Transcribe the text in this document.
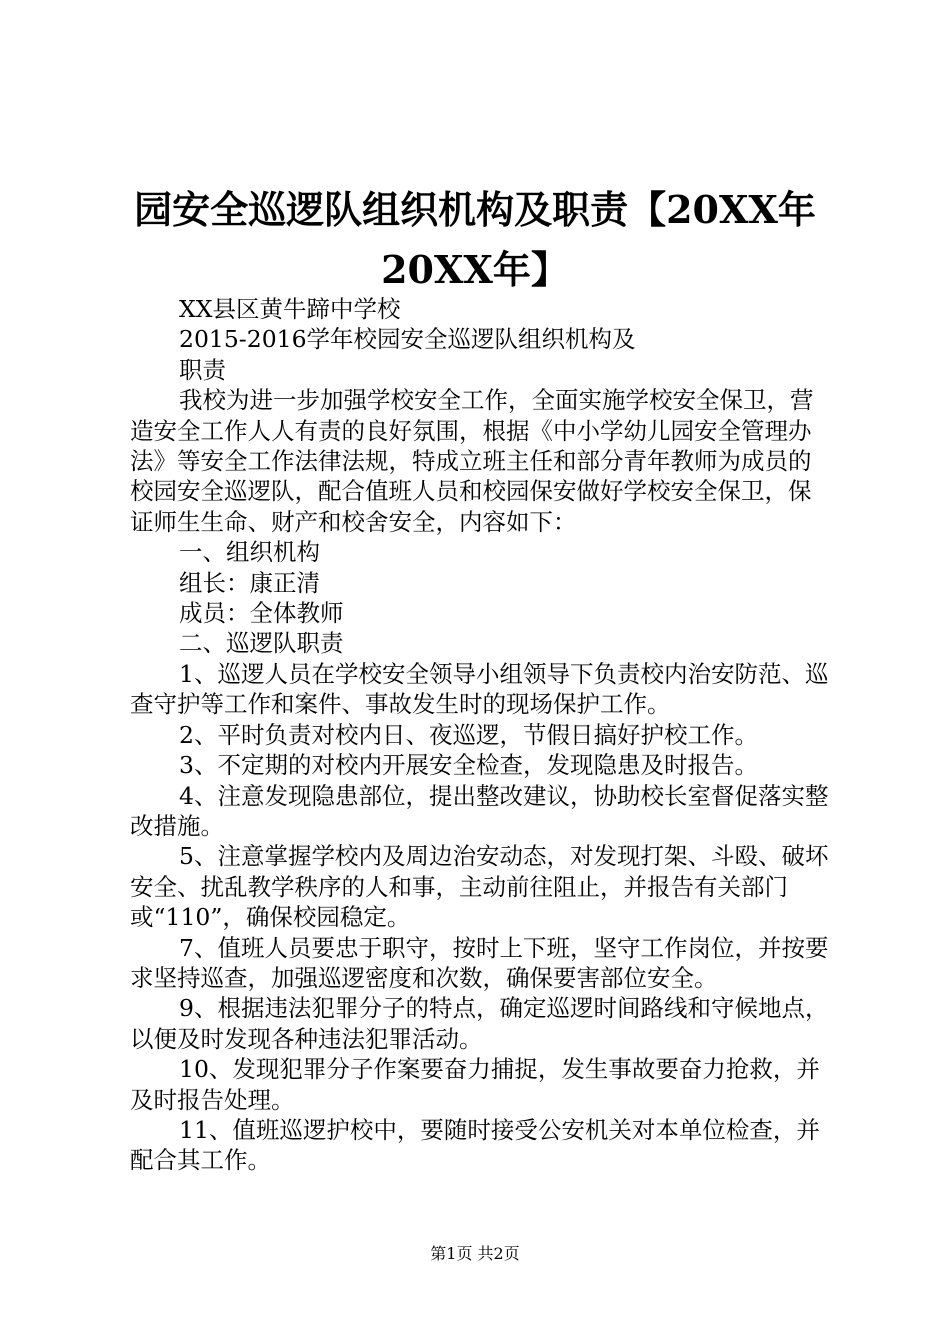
园安全巡逻队组织机构及职责【20XX年20XX年】

XX县区黄牛蹄中学校

2015-2016学年校园安全巡逻队组织机构及

职责

我校为进一步加强学校安全工作，全面实施学校安全保卫，营造安全工作人人有责的良好氛围，根据《中小学幼儿园安全管理办法》等安全工作法律法规，特成立班主任和部分青年教师为成员的校园安全巡逻队，配合值班人员和校园保安做好学校安全保卫，保证师生生命、财产和校舍安全，内容如下：

一、组织机构

组长：康正清

成员：全体教师

二、巡逻队职责

1、巡逻人员在学校安全领导小组领导下负责校内治安防范、巡查守护等工作和案件、事故发生时的现场保护工作。

2、平时负责对校内日、夜巡逻，节假日搞好护校工作。

3、不定期的对校内开展安全检查，发现隐患及时报告。

4、注意发现隐患部位，提出整改建议，协助校长室督促落实整改措施。

5、注意掌握学校内及周边治安动态，对发现打架、斗殴、破坏安全、扰乱教学秩序的人和事，主动前往阻止，并报告有关部门或“110”，确保校园稳定。

7、值班人员要忠于职守，按时上下班，坚守工作岗位，并按要求坚持巡查，加强巡逻密度和次数，确保要害部位安全。

9、根据违法犯罪分子的特点，确定巡逻时间路线和守候地点，以便及时发现各种违法犯罪活动。

10、发现犯罪分子作案要奋力捕捉，发生事故要奋力抢救，并及时报告处理。

11、值班巡逻护校中，要随时接受公安机关对本单位检查，并配合其工作。

第1页 共2页
